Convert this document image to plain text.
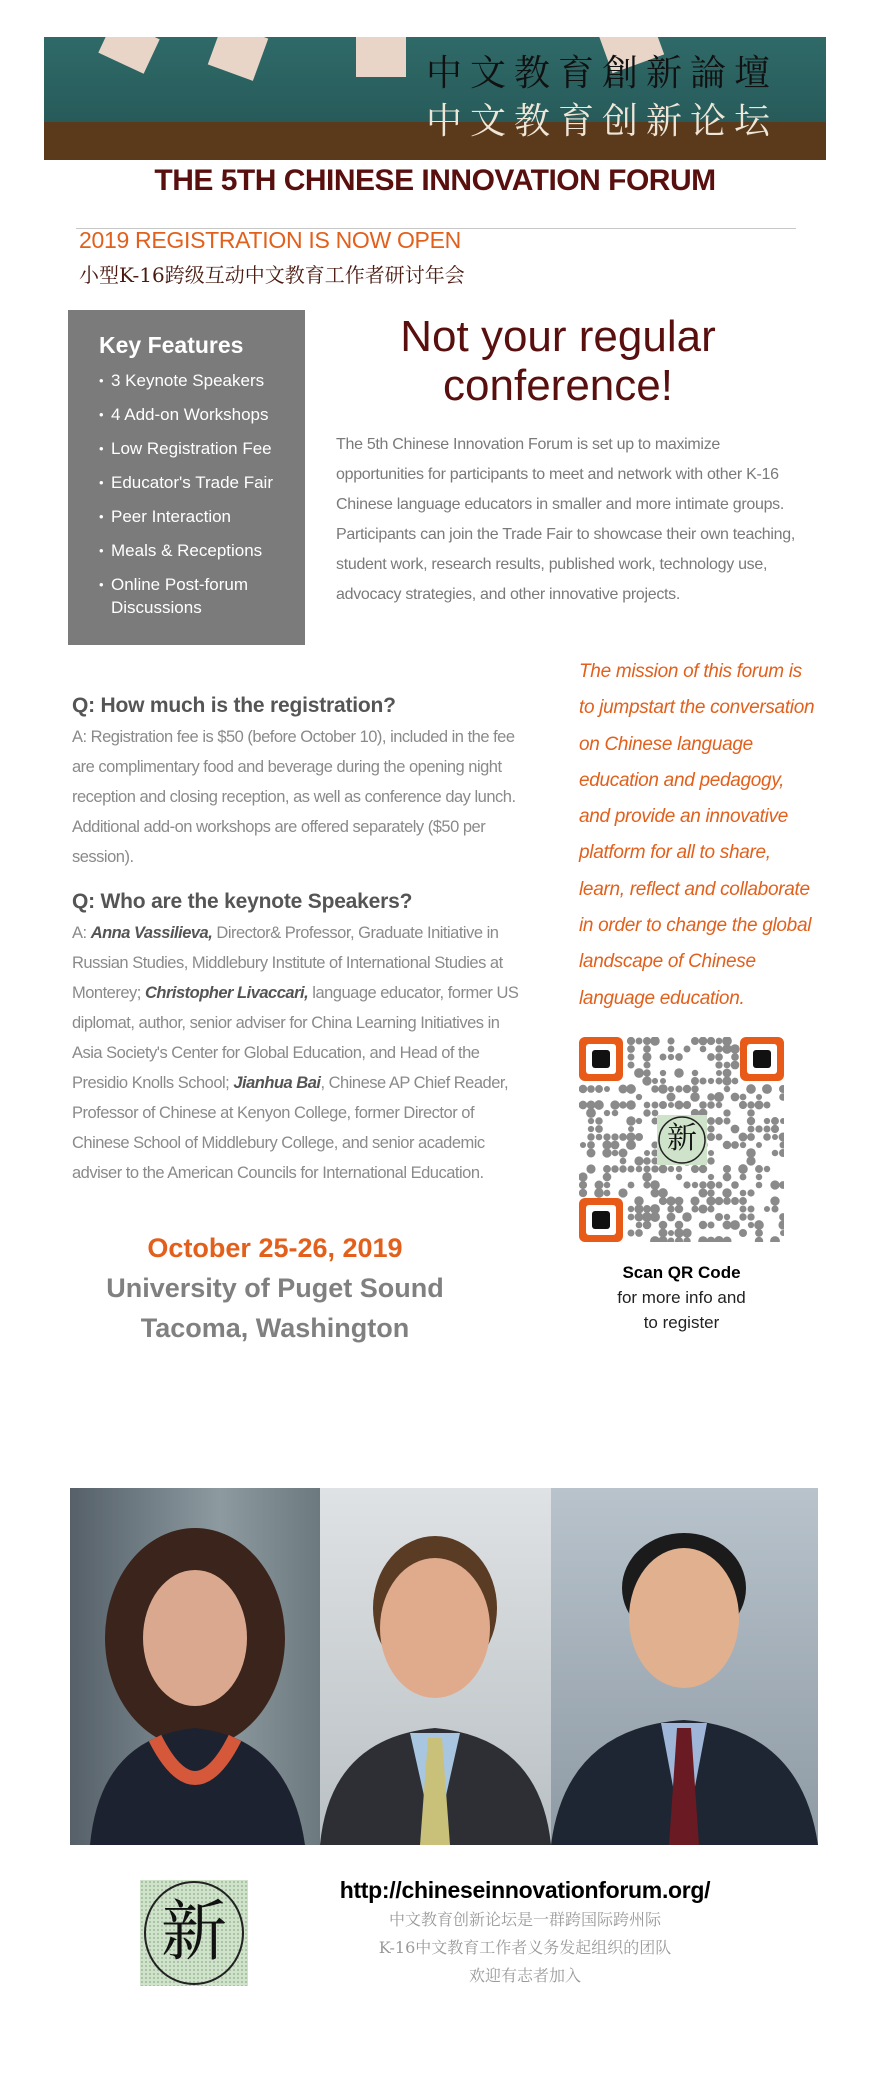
中文教育創新論壇
中文教育创新论坛
THE 5TH CHINESE INNOVATION FORUM
2019 REGISTRATION IS NOW OPEN
小型K-16跨级互动中文教育工作者研讨年会
Key Features
• 3 Keynote Speakers
• 4 Add-on Workshops
• Low Registration Fee
• Educator's Trade Fair
• Peer Interaction
• Meals & Receptions
• Online Post-forum Discussions
Not your regular
conference!
The 5th Chinese Innovation Forum is set up to maximize opportunities for participants to meet and network with other K-16 Chinese language educators in smaller and more intimate groups. Participants can join the Trade Fair to showcase their own teaching, student work, research results, published work, technology use, advocacy strategies, and other innovative projects.
Q: How much is the registration?
A: Registration fee is $50 (before October 10), included in the fee are complimentary food and beverage during the opening night reception and closing reception, as well as conference day lunch. Additional add-on workshops are offered separately ($50 per session).
Q: Who are the keynote Speakers?
A: Anna Vassilieva, Director& Professor, Graduate Initiative in Russian Studies, Middlebury Institute of International Studies at Monterey; Christopher Livaccari, language educator, former US diplomat, author, senior adviser for China Learning Initiatives in Asia Society's Center for Global Education, and Head of the Presidio Knolls School; Jianhua Bai, Chinese AP Chief Reader, Professor of Chinese at Kenyon College, former Director of Chinese School of Middlebury College, and senior academic adviser to the American Councils for International Education.
October 25-26, 2019
University of Puget Sound
Tacoma, Washington
The mission of this forum is to jumpstart the conversation on Chinese language education and pedagogy, and provide an innovative platform for all to share, learn, reflect and collaborate in order to change the global landscape of Chinese language education.
新
Scan QR Code
for more info and
to register
新
http://chineseinnovationforum.org/
中文教育创新论坛是一群跨国际跨州际
K-16中文教育工作者义务发起组织的团队
欢迎有志者加入
